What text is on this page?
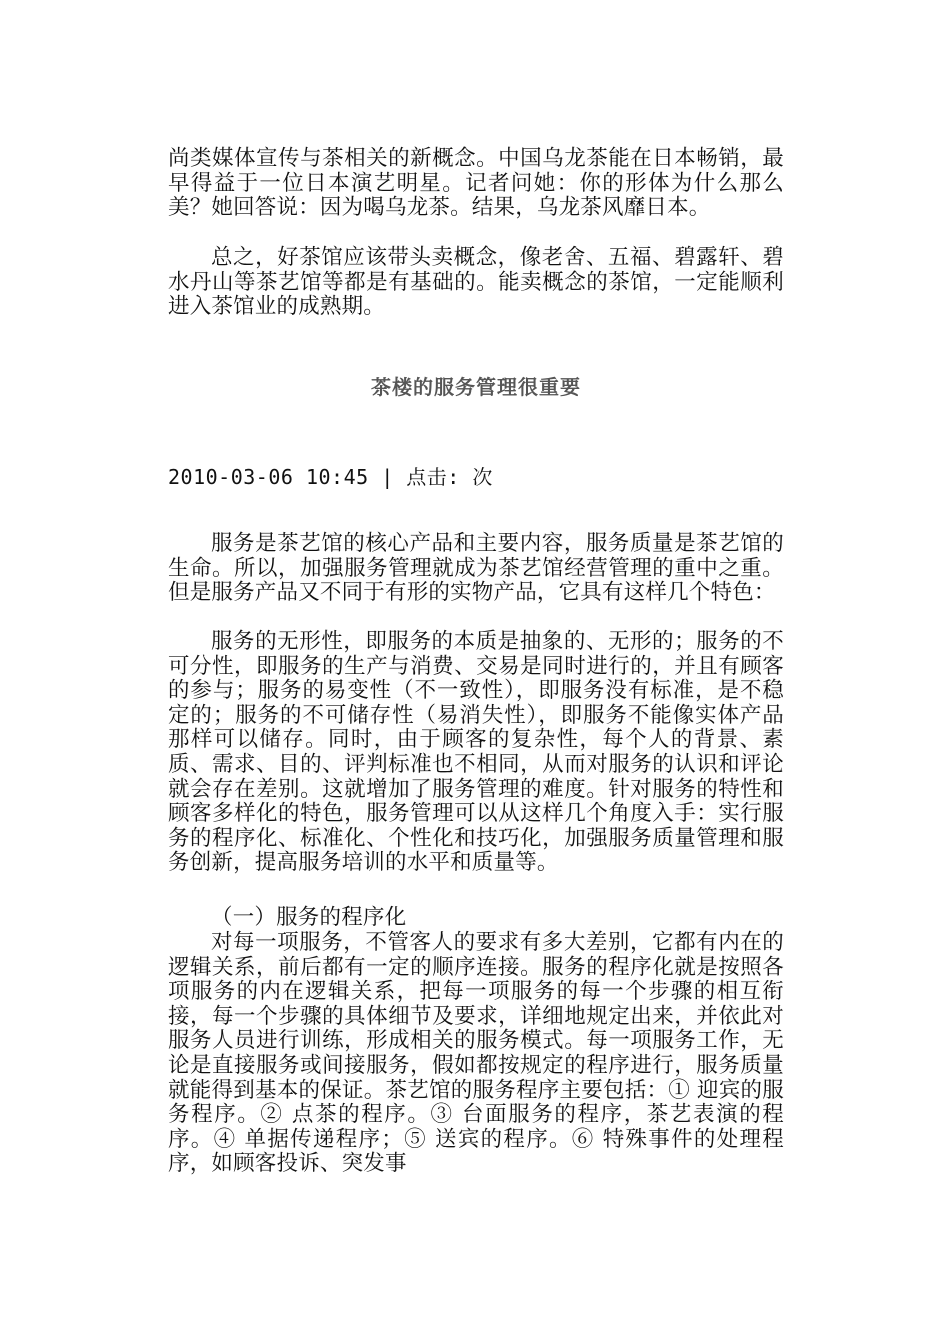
尚类媒体宣传与茶相关的新概念。中国乌龙茶能在日本畅销，最早得益于一位日本演艺明星。记者问她：你的形体为什么那么美？她回答说：因为喝乌龙茶。结果，乌龙茶风靡日本。

总之，好茶馆应该带头卖概念，像老舍、五福、碧露轩、碧水丹山等茶艺馆等都是有基础的。能卖概念的茶馆，一定能顺利进入茶馆业的成熟期。

茶楼的服务管理很重要

2010-03-06 10:45 | 点击: 次

服务是茶艺馆的核心产品和主要内容，服务质量是茶艺馆的生命。所以，加强服务管理就成为茶艺馆经营管理的重中之重。但是服务产品又不同于有形的实物产品，它具有这样几个特色：

服务的无形性，即服务的本质是抽象的、无形的；服务的不可分性，即服务的生产与消费、交易是同时进行的，并且有顾客的参与；服务的易变性（不一致性），即服务没有标准，是不稳定的；服务的不可储存性（易消失性），即服务不能像实体产品那样可以储存。同时，由于顾客的复杂性，每个人的背景、素质、需求、目的、评判标准也不相同，从而对服务的认识和评论就会存在差别。这就增加了服务管理的难度。针对服务的特性和顾客多样化的特色，服务管理可以从这样几个角度入手：实行服务的程序化、标准化、个性化和技巧化，加强服务质量管理和服务创新，提高服务培训的水平和质量等。

（一）服务的程序化

对每一项服务，不管客人的要求有多大差别，它都有内在的逻辑关系，前后都有一定的顺序连接。服务的程序化就是按照各项服务的内在逻辑关系，把每一项服务的每一个步骤的相互衔接，每一个步骤的具体细节及要求，详细地规定出来，并依此对服务人员进行训练，形成相关的服务模式。每一项服务工作，无论是直接服务或间接服务，假如都按规定的程序进行，服务质量就能得到基本的保证。茶艺馆的服务程序主要包括：① 迎宾的服务程序。② 点茶的程序。③ 台面服务的程序，茶艺表演的程序。④ 单据传递程序；⑤ 送宾的程序。⑥ 特殊事件的处理程序，如顾客投诉、突发事
